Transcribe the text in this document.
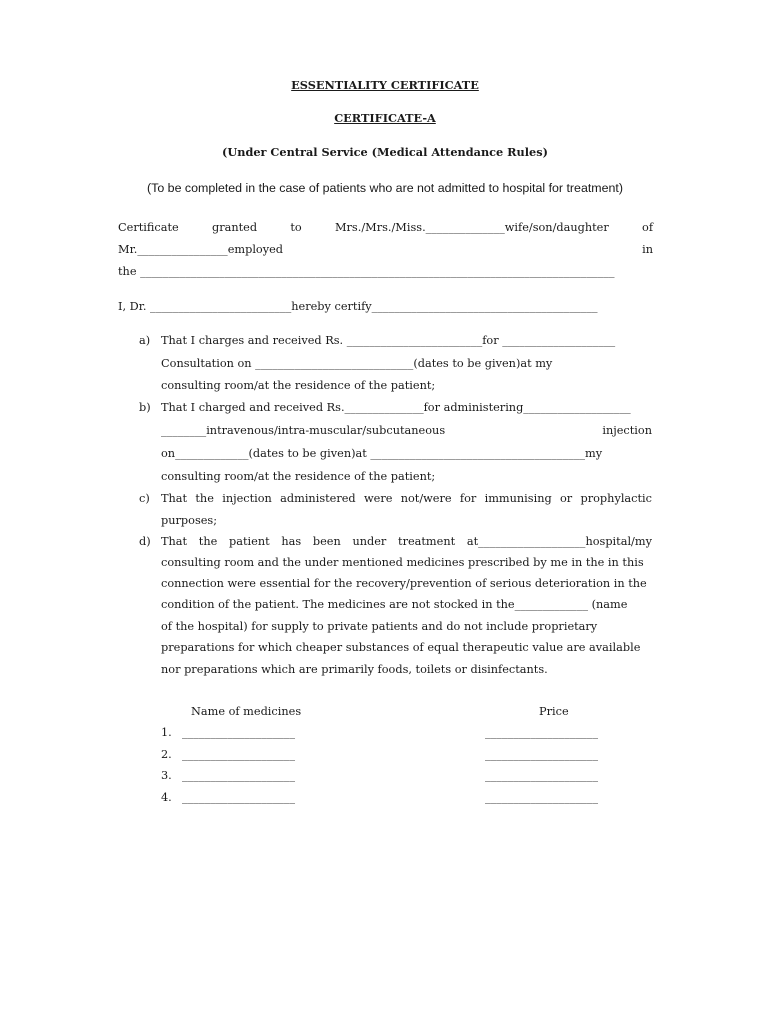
ESSENTIALITY CERTIFICATE
CERTIFICATE-A
(Under Central Service (Medical Attendance Rules)
(To be completed in the case of patients who are not admitted to hospital for treatment)
Certificate	granted	to	Mrs./Mrs./Miss.______________wife/son/daughter	of
Mr.________________employed	in
the ____________________________________________________________________________________
I, Dr. _________________________hereby certify________________________________________
a) That I charges and received Rs. ________________________for ____________________
Consultation on ____________________________(dates to be given)at my
consulting room/at the residence of the patient;
b) That I charged and received Rs.______________for administering___________________
________intravenous/intra-muscular/subcutaneous	injection
on_____________(dates to be given)at ______________________________________my
consulting room/at the residence of the patient;
c) That the injection administered were not/were for immunising or prophylactic
purposes;
d) That the patient has been under treatment at___________________hospital/my
consulting room and the under mentioned medicines prescribed by me in the in this
connection were essential for the recovery/prevention of serious deterioration in the
condition of the patient. The medicines are not stocked in the_____________ (name
of the hospital) for supply to private patients and do not include proprietary
preparations for which cheaper substances of equal therapeutic value are available
nor preparations which are primarily foods, toilets or disinfectants.
Name of medicines	Price
1. ____________________	____________________
2. ____________________	____________________
3. ____________________	____________________
4. ____________________	____________________
